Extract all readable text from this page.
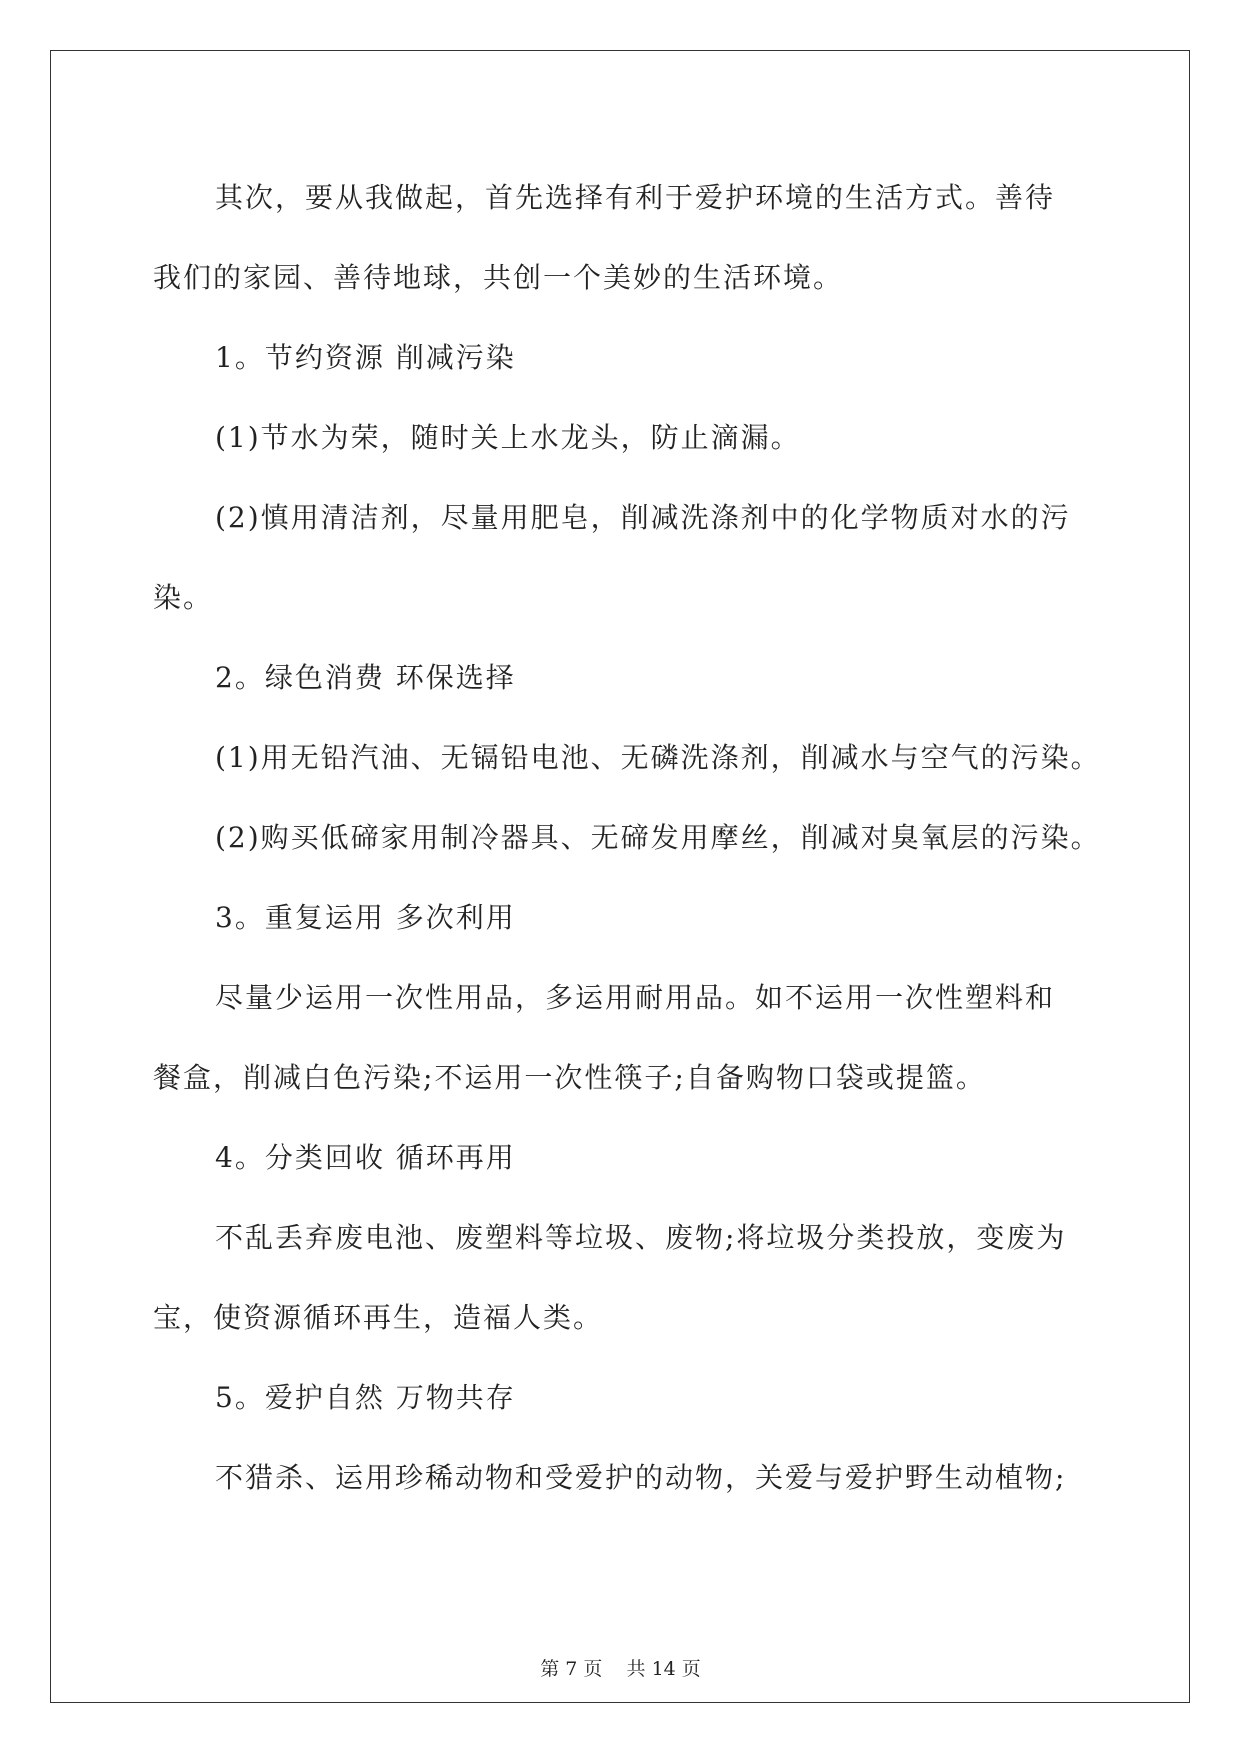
其次，要从我做起，首先选择有利于爱护环境的生活方式。善待
我们的家园、善待地球，共创一个美妙的生活环境。
1。节约资源 削减污染
(1)节水为荣，随时关上水龙头，防止滴漏。
(2)慎用清洁剂，尽量用肥皂，削减洗涤剂中的化学物质对水的污
染。
2。绿色消费 环保选择
(1)用无铅汽油、无镉铅电池、无磷洗涤剂，削减水与空气的污染。
(2)购买低碲家用制冷器具、无碲发用摩丝，削减对臭氧层的污染。
3。重复运用 多次利用
尽量少运用一次性用品，多运用耐用品。如不运用一次性塑料和
餐盒，削减白色污染;不运用一次性筷子;自备购物口袋或提篮。
4。分类回收 循环再用
不乱丢弃废电池、废塑料等垃圾、废物;将垃圾分类投放，变废为
宝，使资源循环再生，造福人类。
5。爱护自然 万物共存
不猎杀、运用珍稀动物和受爱护的动物，关爱与爱护野生动植物;
第 7 页    共 14 页
